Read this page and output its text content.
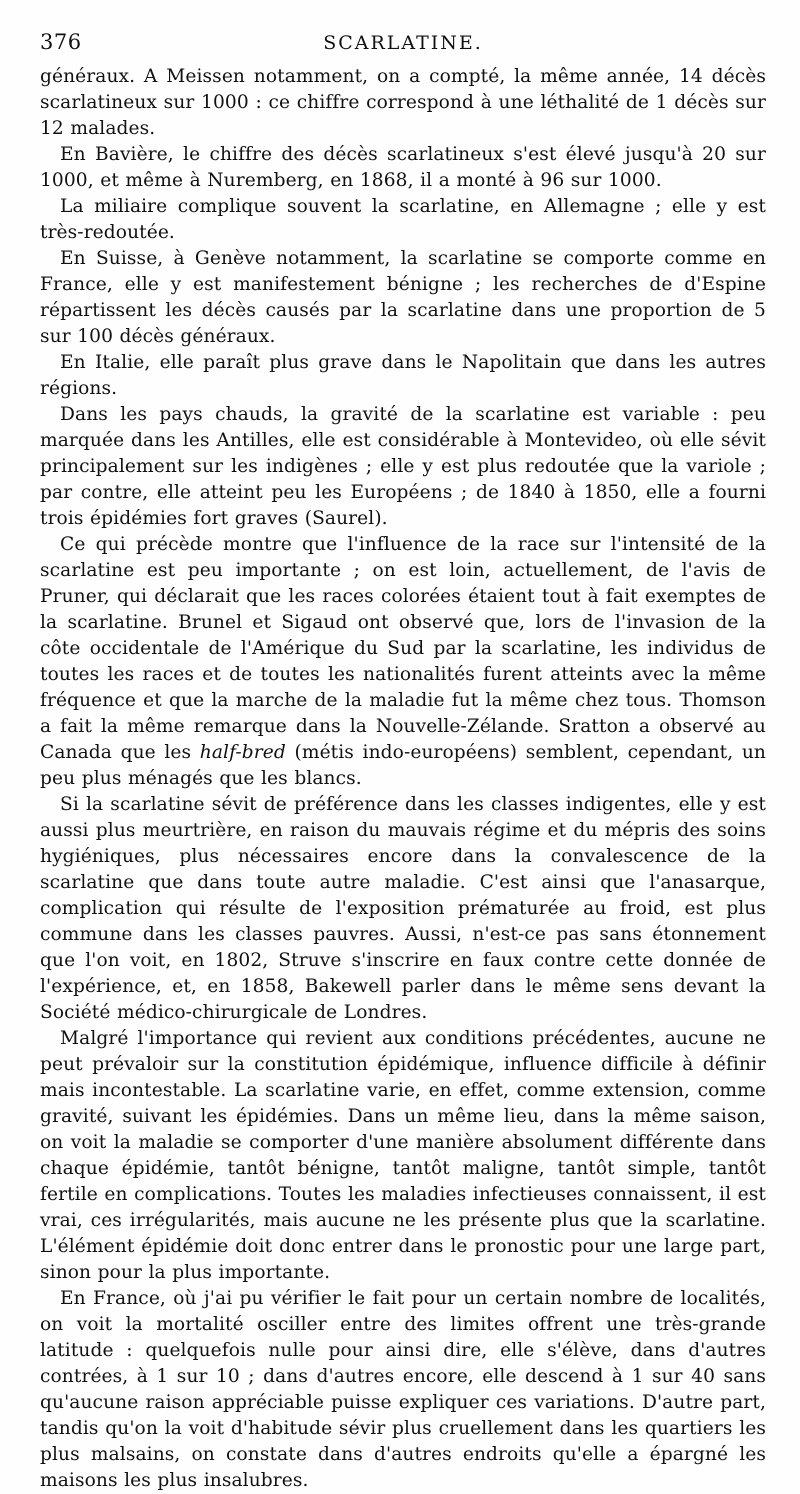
376	SCARLATINE.

généraux. A Meissen notamment, on a compté, la même année, 14 décès scarlatineux sur 1000 : ce chiffre correspond à une léthalité de 1 décès sur 12 malades.

En Bavière, le chiffre des décès scarlatineux s'est élevé jusqu'à 20 sur 1000, et même à Nuremberg, en 1868, il a monté à 96 sur 1000.

La miliaire complique souvent la scarlatine, en Allemagne ; elle y est très-redoutée.

En Suisse, à Genève notamment, la scarlatine se comporte comme en France, elle y est manifestement bénigne ; les recherches de d'Espine répartissent les décès causés par la scarlatine dans une proportion de 5 sur 100 décès généraux.

En Italie, elle paraît plus grave dans le Napolitain que dans les autres régions.

Dans les pays chauds, la gravité de la scarlatine est variable : peu marquée dans les Antilles, elle est considérable à Montevideo, où elle sévit principalement sur les indigènes ; elle y est plus redoutée que la variole ; par contre, elle atteint peu les Européens ; de 1840 à 1850, elle a fourni trois épidémies fort graves (Saurel).

Ce qui précède montre que l'influence de la race sur l'intensité de la scarlatine est peu importante ; on est loin, actuellement, de l'avis de Pruner, qui déclarait que les races colorées étaient tout à fait exemptes de la scarlatine. Brunel et Sigaud ont observé que, lors de l'invasion de la côte occidentale de l'Amérique du Sud par la scarlatine, les individus de toutes les races et de toutes les nationalités furent atteints avec la même fréquence et que la marche de la maladie fut la même chez tous. Thomson a fait la même remarque dans la Nouvelle-Zélande. Sratton a observé au Canada que les half-bred (métis indo-européens) semblent, cependant, un peu plus ménagés que les blancs.

Si la scarlatine sévit de préférence dans les classes indigentes, elle y est aussi plus meurtrière, en raison du mauvais régime et du mépris des soins hygiéniques, plus nécessaires encore dans la convalescence de la scarlatine que dans toute autre maladie. C'est ainsi que l'anasarque, complication qui résulte de l'exposition prématurée au froid, est plus commune dans les classes pauvres. Aussi, n'est-ce pas sans étonnement que l'on voit, en 1802, Struve s'inscrire en faux contre cette donnée de l'expérience, et, en 1858, Bakewell parler dans le même sens devant la Société médico-chirurgicale de Londres.

Malgré l'importance qui revient aux conditions précédentes, aucune ne peut prévaloir sur la constitution épidémique, influence difficile à définir mais incontestable. La scarlatine varie, en effet, comme extension, comme gravité, suivant les épidémies. Dans un même lieu, dans la même saison, on voit la maladie se comporter d'une manière absolument différente dans chaque épidémie, tantôt bénigne, tantôt maligne, tantôt simple, tantôt fertile en complications. Toutes les maladies infectieuses connaissent, il est vrai, ces irrégularités, mais aucune ne les présente plus que la scarlatine. L'élément épidémie doit donc entrer dans le pronostic pour une large part, sinon pour la plus importante.

En France, où j'ai pu vérifier le fait pour un certain nombre de localités, on voit la mortalité osciller entre des limites offrent une très-grande latitude : quelquefois nulle pour ainsi dire, elle s'élève, dans d'autres contrées, à 1 sur 10 ; dans d'autres encore, elle descend à 1 sur 40 sans qu'aucune raison appréciable puisse expliquer ces variations. D'autre part, tandis qu'on la voit d'habitude sévir plus cruellement dans les quartiers les plus malsains, on constate dans d'autres endroits qu'elle a épargné les maisons les plus insalubres.
